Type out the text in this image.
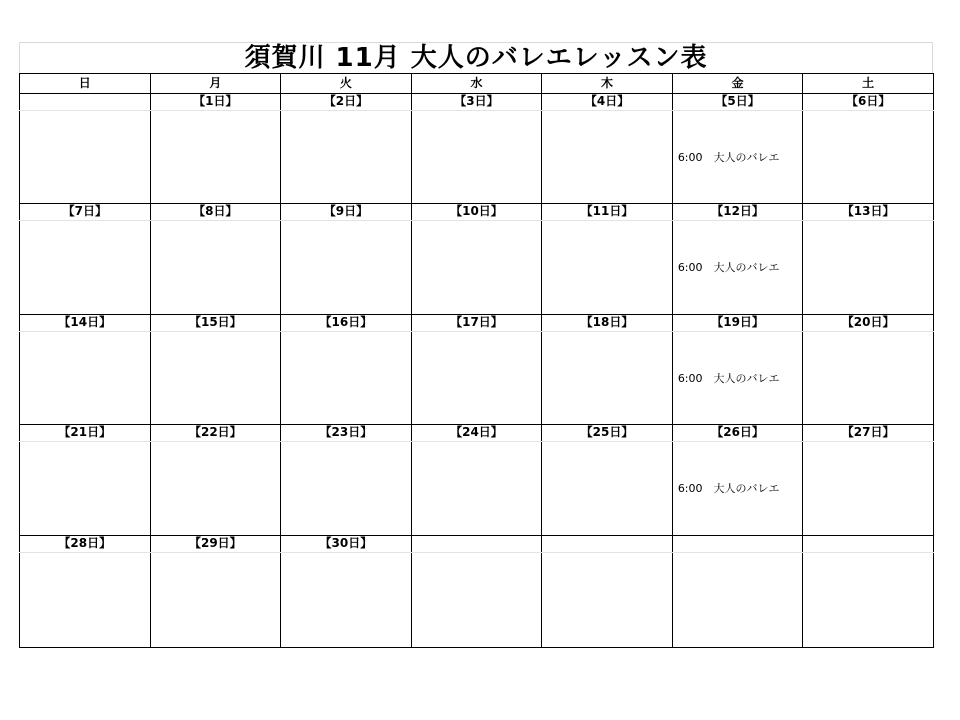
須賀川 11月 大人のバレエレッスン表
日	月	火	水	木	金	土
	【1日】	【2日】	【3日】	【4日】	【5日】	【6日】

					6:00　大人のバレエ	

【7日】	【8日】	【9日】	【10日】	【11日】	【12日】	【13日】

					6:00　大人のバレエ	

【14日】	【15日】	【16日】	【17日】	【18日】	【19日】	【20日】

					6:00　大人のバレエ	

【21日】	【22日】	【23日】	【24日】	【25日】	【26日】	【27日】

					6:00　大人のバレエ	

【28日】	【29日】	【30日】				
